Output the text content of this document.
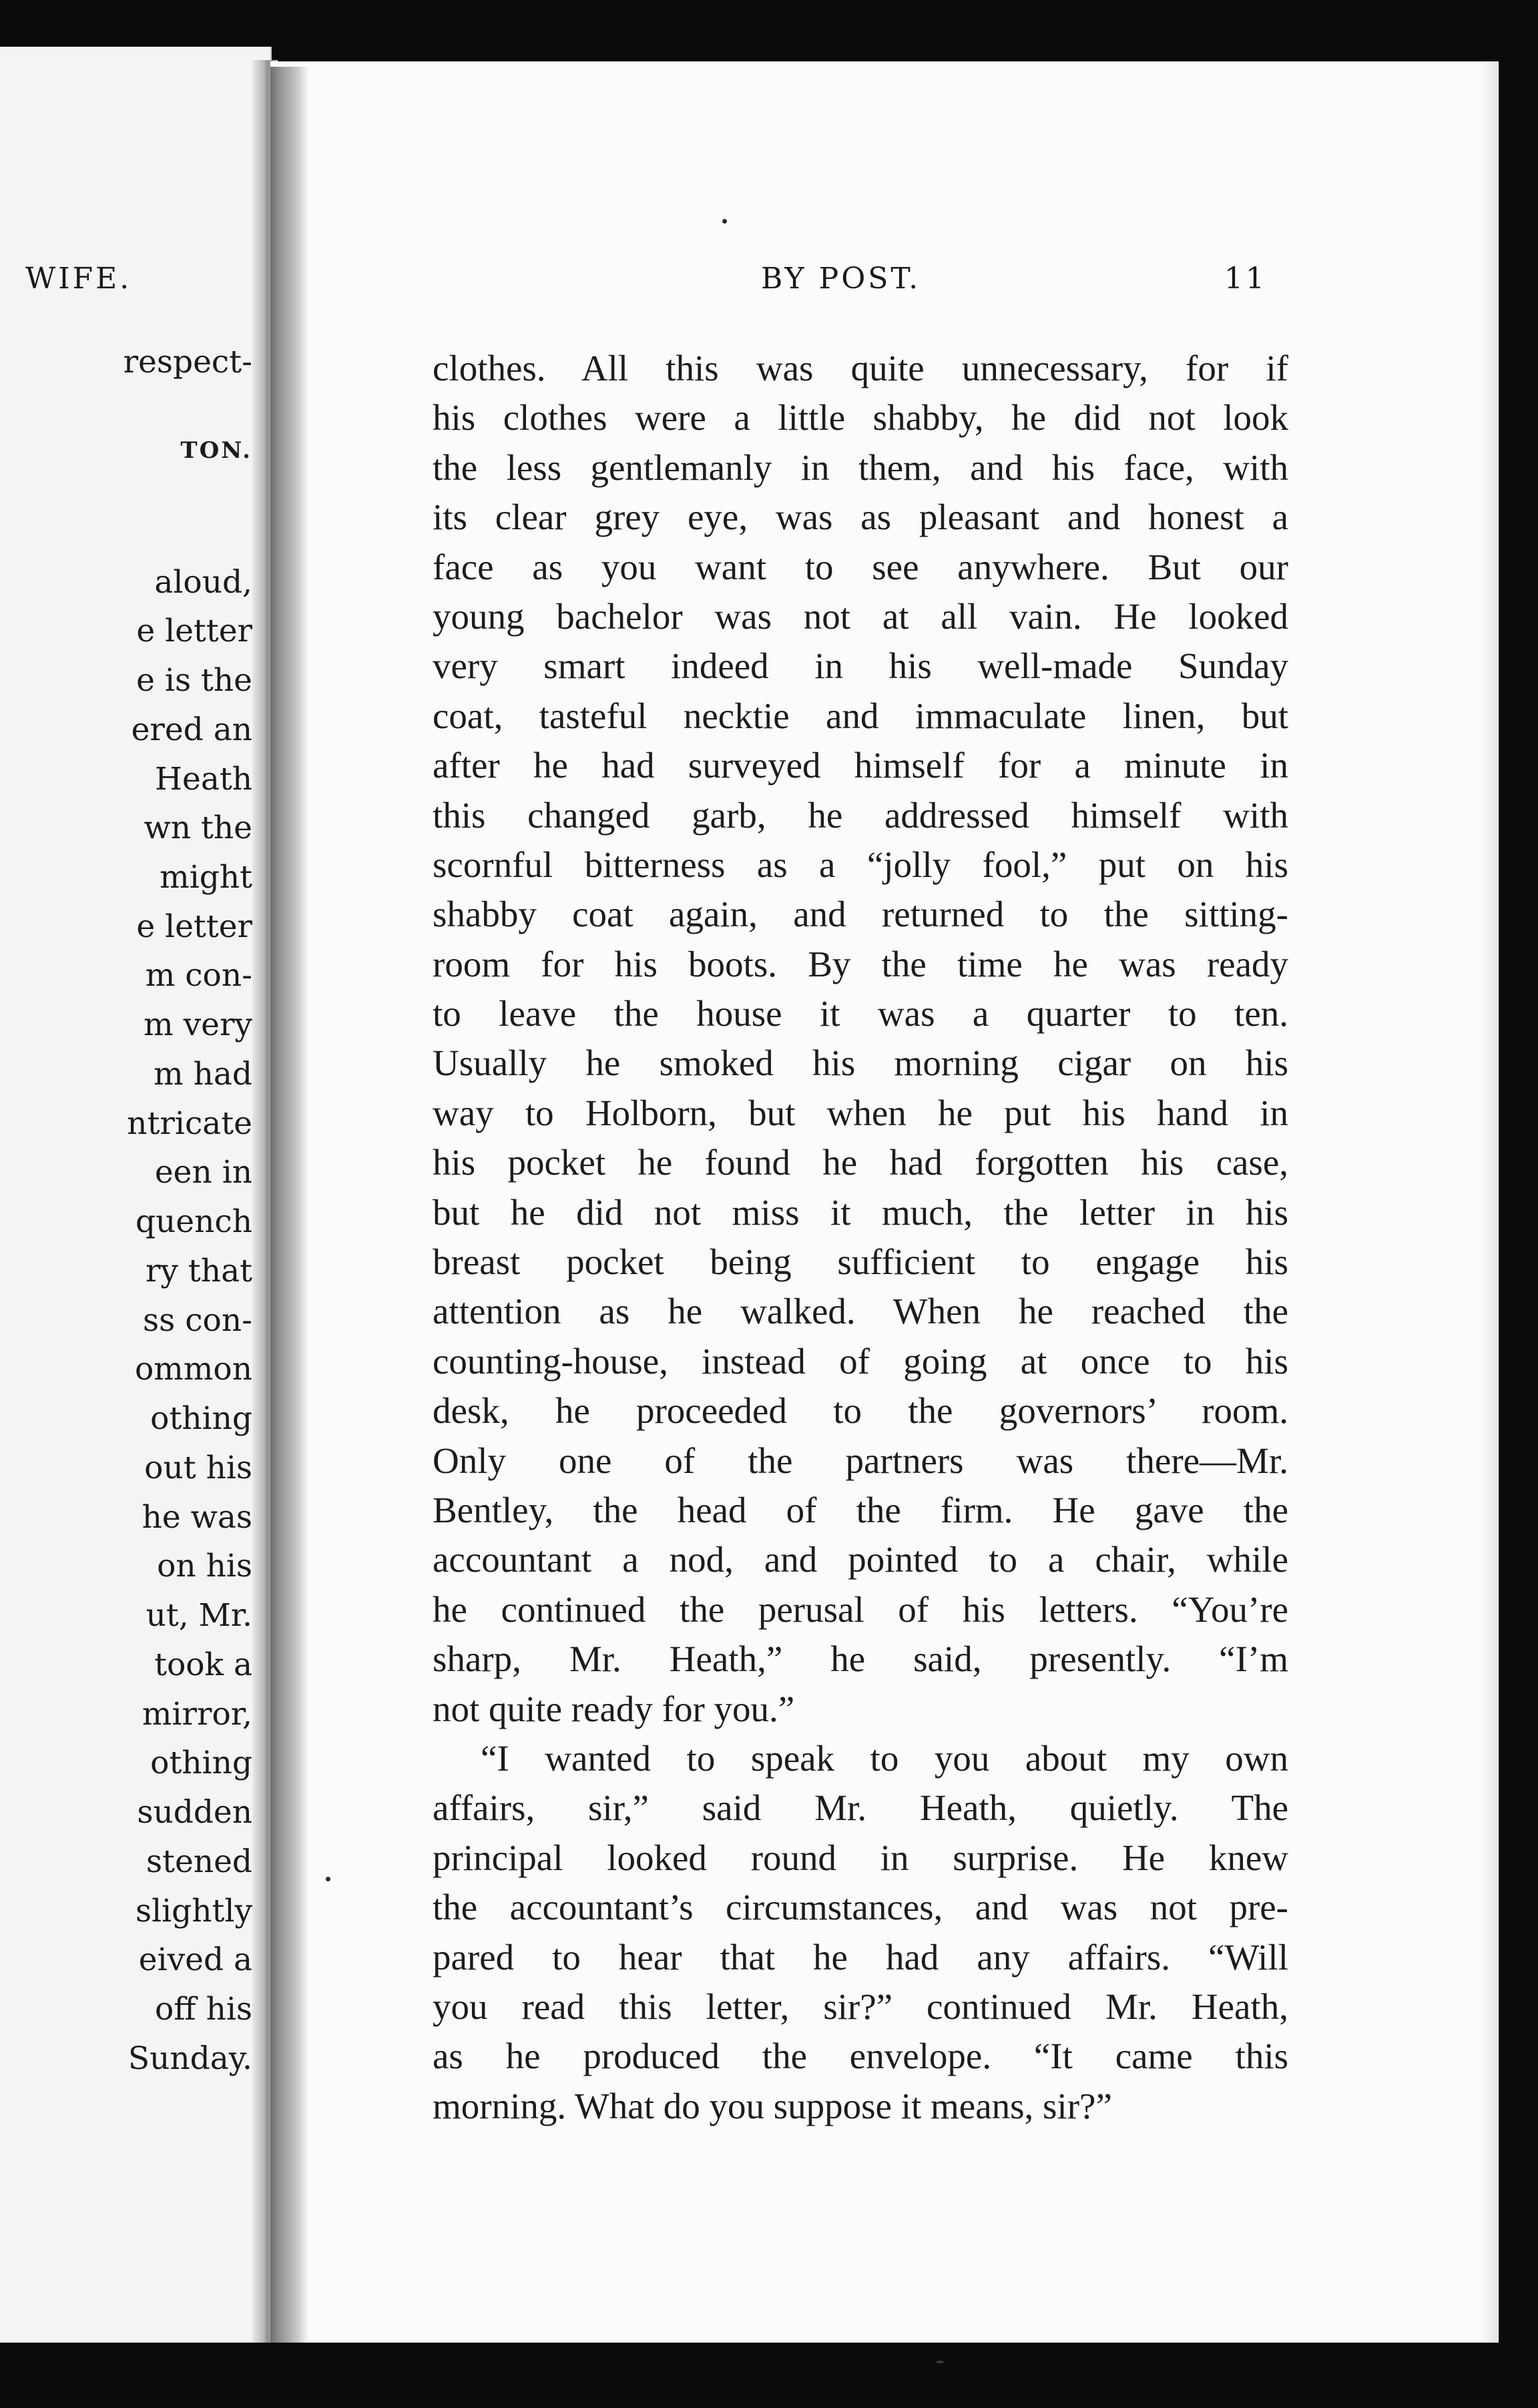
WIFE.
respect-
TON.
aloud,
e letter
e is the
ered an
Heath
wn the
might
e letter
m con-
m very
m had
ntricate
een in
quench
ry that
ss con-
ommon
othing
out his
he was
on his
ut, Mr.
took a
mirror,
othing
sudden
stened
slightly
eived a
off his
Sunday.
BY POST.	11
clothes. All this was quite unnecessary, for if
his clothes were a little shabby, he did not look
the less gentlemanly in them, and his face, with
its clear grey eye, was as pleasant and honest a
face as you want to see anywhere. But our
young bachelor was not at all vain. He looked
very smart indeed in his well-made Sunday
coat, tasteful necktie and immaculate linen, but
after he had surveyed himself for a minute in
this changed garb, he addressed himself with
scornful bitterness as a “jolly fool,” put on his
shabby coat again, and returned to the sitting-
room for his boots. By the time he was ready
to leave the house it was a quarter to ten.
Usually he smoked his morning cigar on his
way to Holborn, but when he put his hand in
his pocket he found he had forgotten his case,
but he did not miss it much, the letter in his
breast pocket being sufficient to engage his
attention as he walked. When he reached the
counting-house, instead of going at once to his
desk, he proceeded to the governors’ room.
Only one of the partners was there—Mr.
Bentley, the head of the firm. He gave the
accountant a nod, and pointed to a chair, while
he continued the perusal of his letters. “You’re
sharp, Mr. Heath,” he said, presently. “I’m
not quite ready for you.”
“I wanted to speak to you about my own
affairs, sir,” said Mr. Heath, quietly. The
principal looked round in surprise. He knew
the accountant’s circumstances, and was not pre-
pared to hear that he had any affairs. “Will
you read this letter, sir?” continued Mr. Heath,
as he produced the envelope. “It came this
morning. What do you suppose it means, sir?”
